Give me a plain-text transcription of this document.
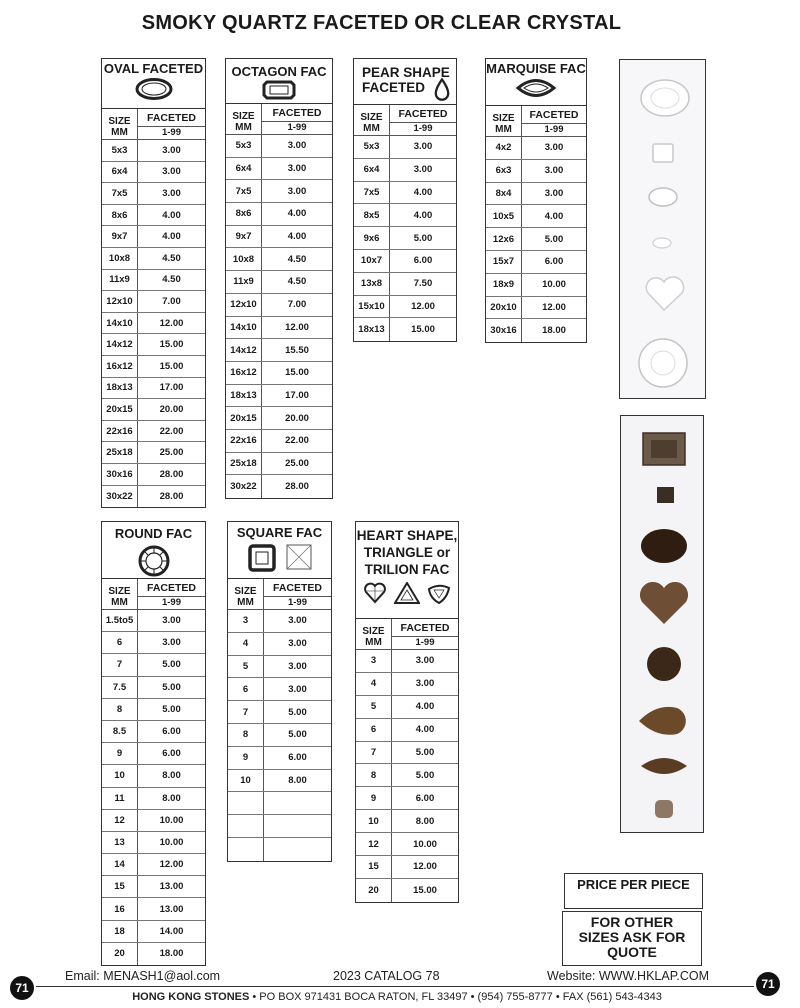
SMOKY QUARTZ FACETED OR CLEAR CRYSTAL
OVAL FACETED
SIZE
MM
FACETED
1-99
5x3	3.00
6x4	3.00
7x5	3.00
8x6	4.00
9x7	4.00
10x8	4.50
11x9	4.50
12x10	7.00
14x10	12.00
14x12	15.00
16x12	15.00
18x13	17.00
20x15	20.00
22x16	22.00
25x18	25.00
30x16	28.00
30x22	28.00
OCTAGON FAC
SIZE
MM
FACETED
1-99
5x3	3.00
6x4	3.00
7x5	3.00
8x6	4.00
9x7	4.00
10x8	4.50
11x9	4.50
12x10	7.00
14x10	12.00
14x12	15.50
16x12	15.00
18x13	17.00
20x15	20.00
22x16	22.00
25x18	25.00
30x22	28.00
PEAR SHAPE
FACETED
SIZE
MM
FACETED
1-99
5x3	3.00
6x4	3.00
7x5	4.00
8x5	4.00
9x6	5.00
10x7	6.00
13x8	7.50
15x10	12.00
18x13	15.00
MARQUISE FAC
SIZE
MM
FACETED
1-99
4x2	3.00
6x3	3.00
8x4	3.00
10x5	4.00
12x6	5.00
15x7	6.00
18x9	10.00
20x10	12.00
30x16	18.00
ROUND FAC
SIZE
MM
FACETED
1-99
1.5to5	3.00
6	3.00
7	5.00
7.5	5.00
8	5.00
8.5	6.00
9	6.00
10	8.00
11	8.00
12	10.00
13	10.00
14	12.00
15	13.00
16	13.00
18	14.00
20	18.00
SQUARE FAC
SIZE
MM
FACETED
1-99
3	3.00
4	3.00
5	3.00
6	3.00
7	5.00
8	5.00
9	6.00
10	8.00
HEART SHAPE,
TRIANGLE or
TRILION FAC
SIZE
MM
FACETED
1-99
3	3.00
4	3.00
5	4.00
6	4.00
7	5.00
8	5.00
9	6.00
10	8.00
12	10.00
15	12.00
20	15.00	PRICE PER PIECE
FOR OTHER SIZES ASK FOR QUOTE
Email: MENASH1@aol.com	2023 CATALOG 78	Website: WWW.HKLAP.COM
71	71
HONG KONG STONES • PO BOX 971431 BOCA RATON, FL 33497 • (954) 755-8777 • FAX (561) 543-4343
